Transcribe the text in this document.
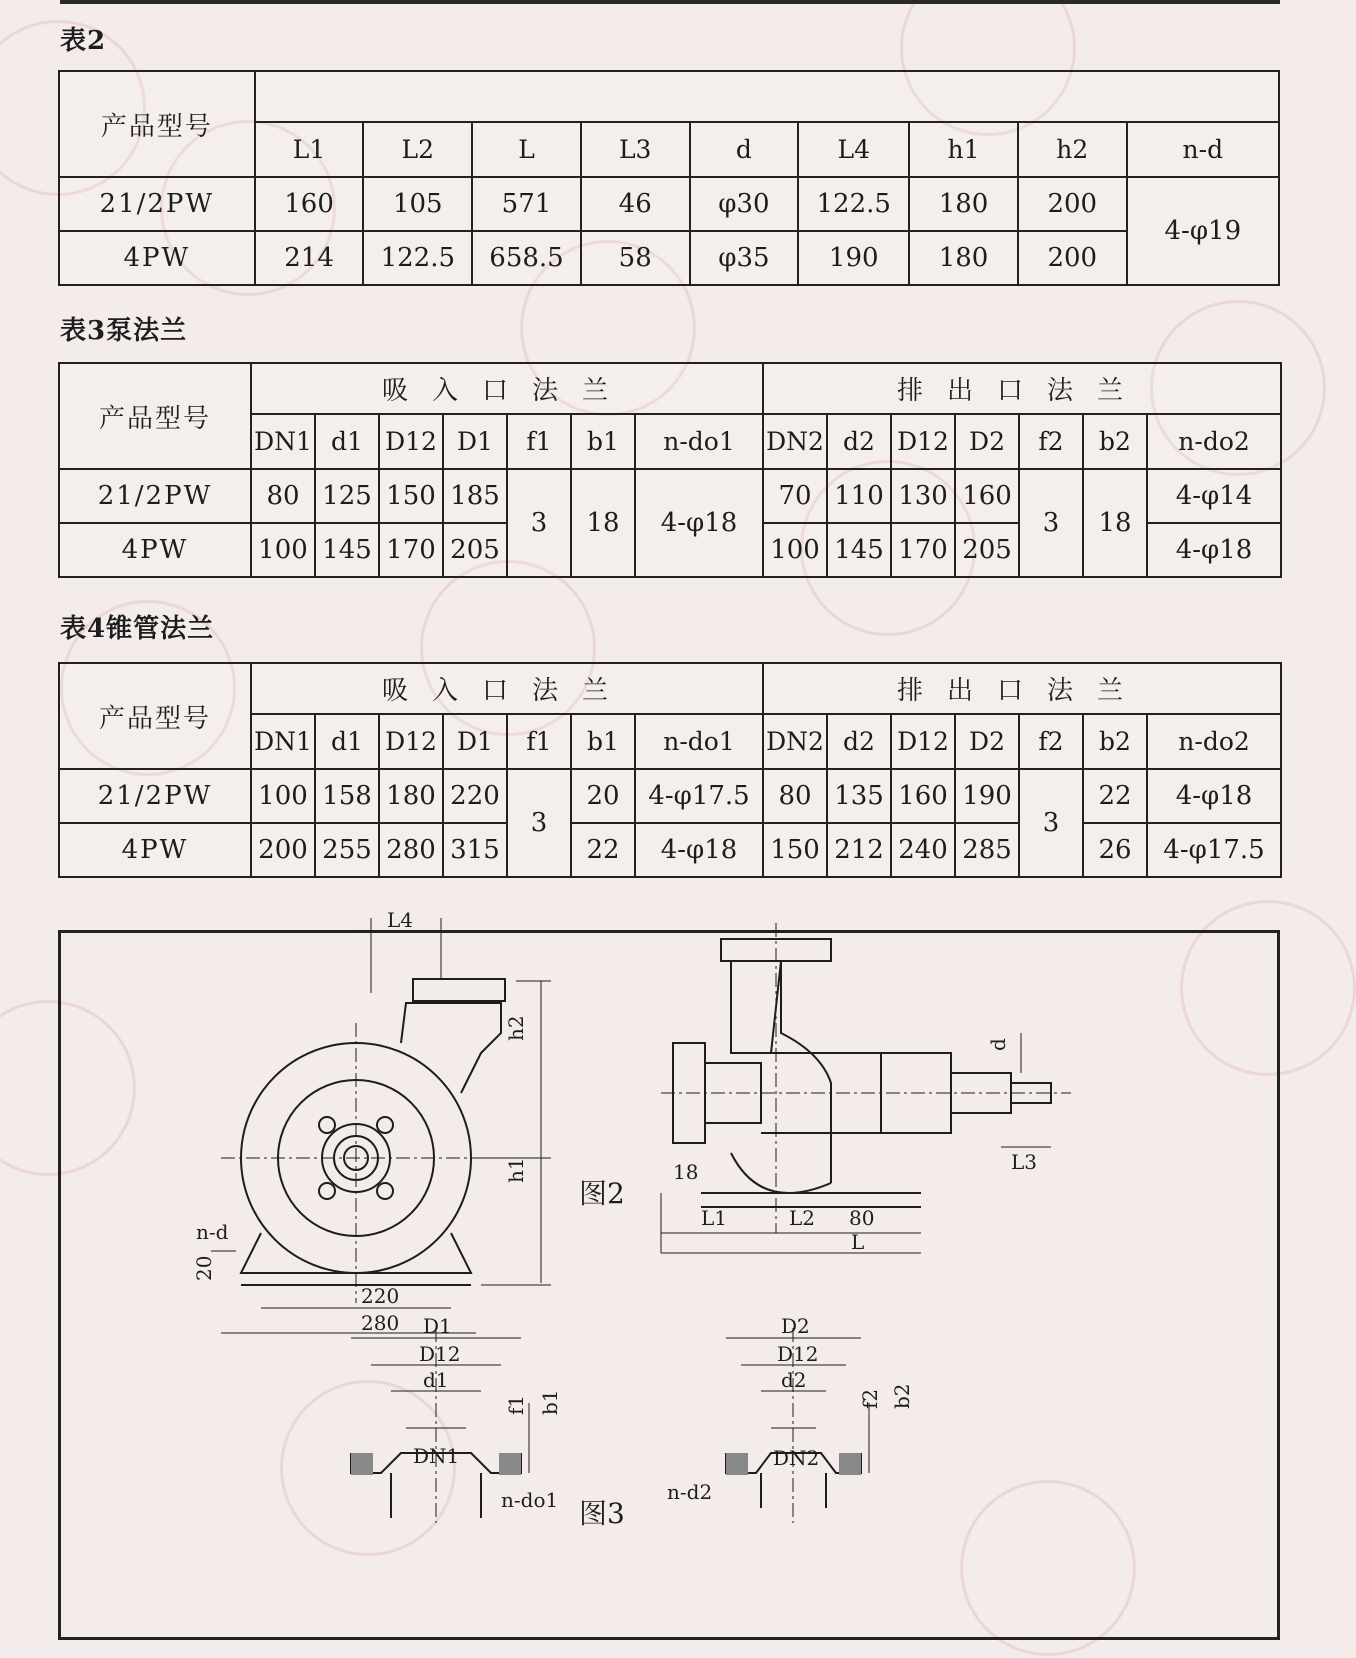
表2
产品型号									
	L1	L2	L	L3	d	L4	h1	h2	n-d
21/2PW	160	105	571	46	φ30	122.5	180	200	4-φ19
4PW	214	122.5	658.5	58	φ35	190	180	200	
表3泵法兰
产品型号	吸入口法兰							排出口法兰						
	DN1	d1	D12	D1	f1	b1	n-do1	DN2	d2	D12	D2	f2	b2	n-do2
21/2PW	80	125	150	185	3	18	4-φ18	70	110	130	160	3	18	4-φ14
4PW	100	145	170	205				100	145	170	205			4-φ18
表4锥管法兰
产品型号	吸入口法兰							排出口法兰						
	DN1	d1	D12	D1	f1	b1	n-do1	DN2	d2	D12	D2	f2	b2	n-do2
21/2PW	100	158	180	220	3	20	4-φ17.5	80	135	160	190	3	22	4-φ18
4PW	200	255	280	315		22	4-φ18	150	212	240	285		26	4-φ17.5
L4
h2
h1
n-d
20
220
280
18
L1	L2 80
L
L3
d
D1
D12
d1
DN1
f1 b1
n-do1
D2
D12
d2
DN2
f2 b2
n-d2
图2
图3
